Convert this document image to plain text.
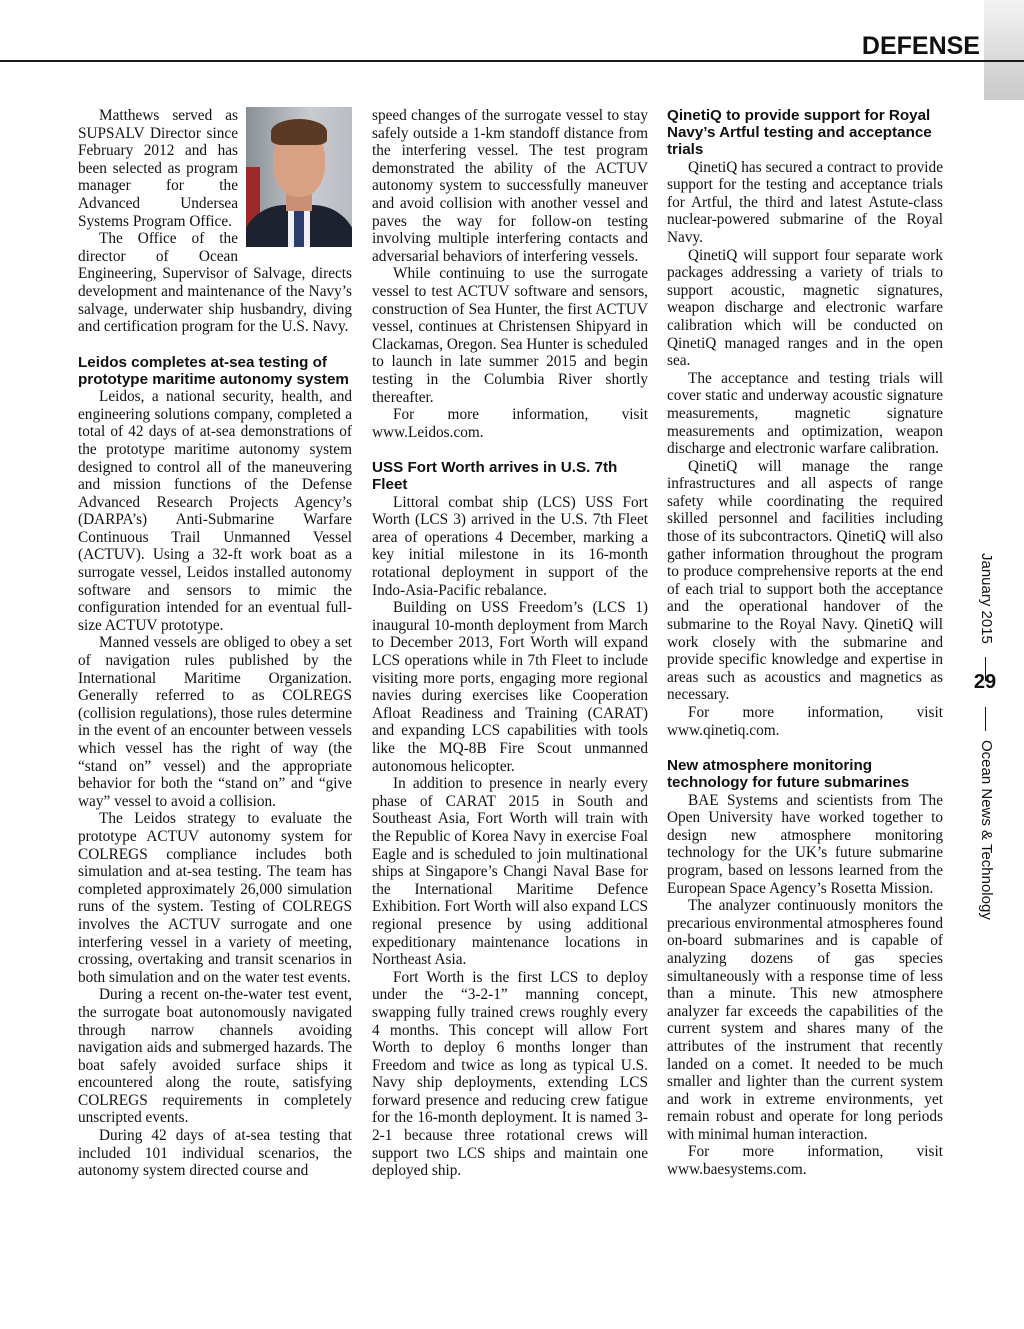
DEFENSE

Matthews served as SUPSALV Director since February 2012 and has been selected as program manager for the Advanced Undersea Systems Program Office.

The Office of the director of Ocean Engineering, Supervisor of Salvage, directs development and maintenance of the Navy’s salvage, underwater ship husbandry, diving and certification program for the U.S. Navy.

Leidos completes at-sea testing of prototype maritime autonomy system

Leidos, a national security, health, and engineering solutions company, completed a total of 42 days of at-sea demonstrations of the prototype maritime autonomy system designed to control all of the maneuvering and mission functions of the Defense Advanced Research Projects Agency’s (DARPA’s) Anti-Submarine Warfare Continuous Trail Unmanned Vessel (ACTUV). Using a 32-ft work boat as a surrogate vessel, Leidos installed autonomy software and sensors to mimic the configuration intended for an eventual full-size ACTUV prototype.

Manned vessels are obliged to obey a set of navigation rules published by the International Maritime Organization. Generally referred to as COLREGS (collision regulations), those rules determine in the event of an encounter between vessels which vessel has the right of way (the “stand on” vessel) and the appropriate behavior for both the “stand on” and “give way” vessel to avoid a collision.

The Leidos strategy to evaluate the prototype ACTUV autonomy system for COLREGS compliance includes both simulation and at-sea testing. The team has completed approximately 26,000 simulation runs of the system. Testing of COLREGS involves the ACTUV surrogate and one interfering vessel in a variety of meeting, crossing, overtaking and transit scenarios in both simulation and on the water test events.

During a recent on-the-water test event, the surrogate boat autonomously navigated through narrow channels avoiding navigation aids and submerged hazards. The boat safely avoided surface ships it encountered along the route, satisfying COLREGS requirements in completely unscripted events.

During 42 days of at-sea testing that included 101 individual scenarios, the autonomy system directed course and

speed changes of the surrogate vessel to stay safely outside a 1-km standoff distance from the interfering vessel. The test program demonstrated the ability of the ACTUV autonomy system to successfully maneuver and avoid collision with another vessel and paves the way for follow-on testing involving multiple interfering contacts and adversarial behaviors of interfering vessels.

While continuing to use the surrogate vessel to test ACTUV software and sensors, construction of Sea Hunter, the first ACTUV vessel, continues at Christensen Shipyard in Clackamas, Oregon. Sea Hunter is scheduled to launch in late summer 2015 and begin testing in the Columbia River shortly thereafter.

For more information, visit www.Leidos.com.

USS Fort Worth arrives in U.S. 7th Fleet

Littoral combat ship (LCS) USS Fort Worth (LCS 3) arrived in the U.S. 7th Fleet area of operations 4 December, marking a key initial milestone in its 16-month rotational deployment in support of the Indo-Asia-Pacific rebalance.

Building on USS Freedom’s (LCS 1) inaugural 10-month deployment from March to December 2013, Fort Worth will expand LCS operations while in 7th Fleet to include visiting more ports, engaging more regional navies during exercises like Cooperation Afloat Readiness and Training (CARAT) and expanding LCS capabilities with tools like the MQ-8B Fire Scout unmanned autonomous helicopter.

In addition to presence in nearly every phase of CARAT 2015 in South and Southeast Asia, Fort Worth will train with the Republic of Korea Navy in exercise Foal Eagle and is scheduled to join multinational ships at Singapore’s Changi Naval Base for the International Maritime Defence Exhibition. Fort Worth will also expand LCS regional presence by using additional expeditionary maintenance locations in Northeast Asia.

Fort Worth is the first LCS to deploy under the “3-2-1” manning concept, swapping fully trained crews roughly every 4 months. This concept will allow Fort Worth to deploy 6 months longer than Freedom and twice as long as typical U.S. Navy ship deployments, extending LCS forward presence and reducing crew fatigue for the 16-month deployment. It is named 3-2-1 because three rotational crews will support two LCS ships and maintain one deployed ship.

QinetiQ to provide support for Royal Navy’s Artful testing and acceptance trials

QinetiQ has secured a contract to provide support for the testing and acceptance trials for Artful, the third and latest Astute-class nuclear-powered submarine of the Royal Navy.

QinetiQ will support four separate work packages addressing a variety of trials to support acoustic, magnetic signatures, weapon discharge and electronic warfare calibration which will be conducted on QinetiQ managed ranges and in the open sea.

The acceptance and testing trials will cover static and underway acoustic signature measurements, magnetic signature measurements and optimization, weapon discharge and electronic warfare calibration.

QinetiQ will manage the range infrastructures and all aspects of range safety while coordinating the required skilled personnel and facilities including those of its subcontractors. QinetiQ will also gather information throughout the program to produce comprehensive reports at the end of each trial to support both the acceptance and the operational handover of the submarine to the Royal Navy. QinetiQ will work closely with the submarine and provide specific knowledge and expertise in areas such as acoustics and magnetics as necessary.

For more information, visit www.qinetiq.com.

New atmosphere monitoring technology for future submarines

BAE Systems and scientists from The Open University have worked together to design new atmosphere monitoring technology for the UK’s future submarine program, based on lessons learned from the European Space Agency’s Rosetta Mission.

The analyzer continuously monitors the precarious environmental atmospheres found on-board submarines and is capable of analyzing dozens of gas species simultaneously with a response time of less than a minute. This new atmosphere analyzer far exceeds the capabilities of the current system and shares many of the attributes of the instrument that recently landed on a comet. It needed to be much smaller and lighter than the current system and work in extreme environments, yet remain robust and operate for long periods with minimal human interaction.

For more information, visit www.baesystems.com.

January 2015
29
Ocean News & Technology
